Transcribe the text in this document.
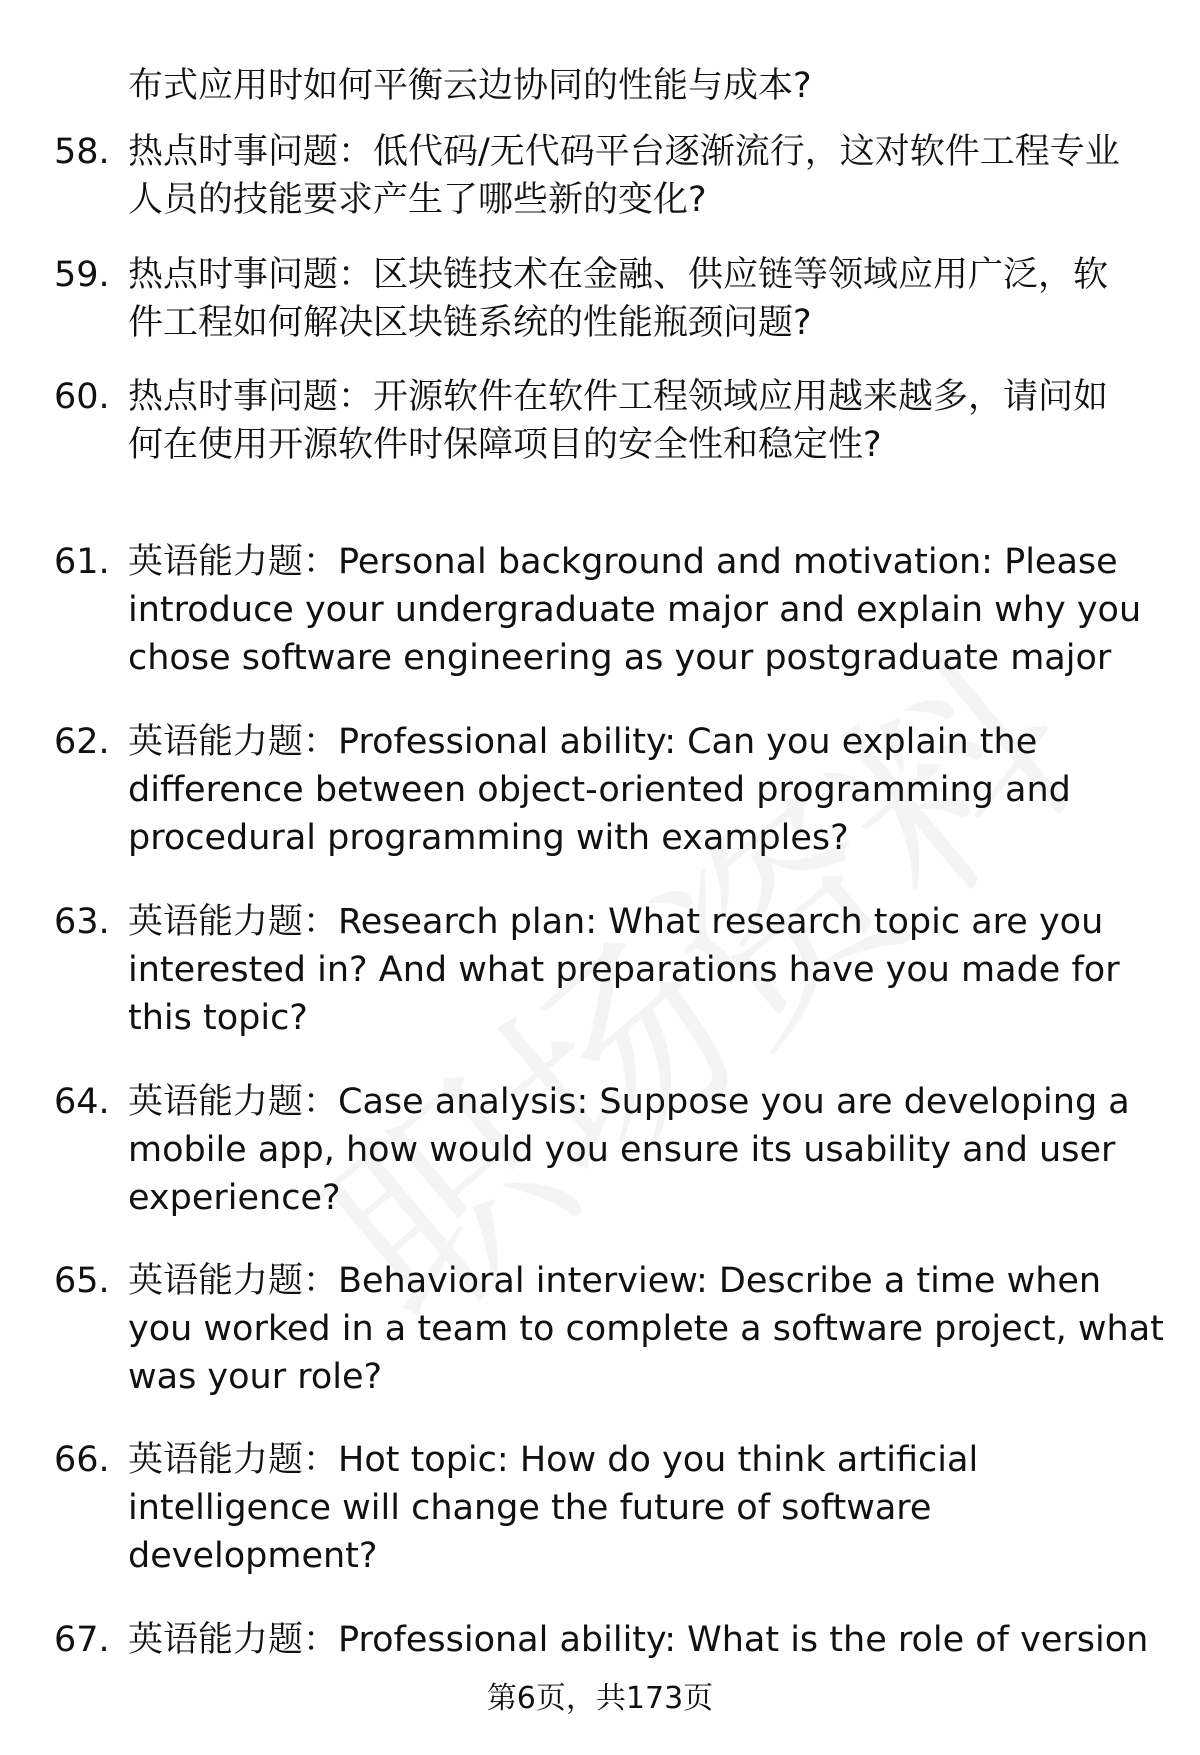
布式应用时如何平衡云边协同的性能与成本?
58. 热点时事问题：低代码/无代码平台逐渐流行，这对软件工程专业
人员的技能要求产生了哪些新的变化?
59. 热点时事问题：区块链技术在金融、供应链等领域应用广泛，软
件工程如何解决区块链系统的性能瓶颈问题?
60. 热点时事问题：开源软件在软件工程领域应用越来越多，请问如
何在使用开源软件时保障项目的安全性和稳定性?
61. 英语能力题：Personal background and motivation: Please
introduce your undergraduate major and explain why you
chose software engineering as your postgraduate major
62. 英语能力题：Professional ability: Can you explain the
difference between object-oriented programming and
procedural programming with examples?
63. 英语能力题：Research plan: What research topic are you
interested in? And what preparations have you made for
this topic?
64. 英语能力题：Case analysis: Suppose you are developing a
mobile app, how would you ensure its usability and user
experience?
65. 英语能力题：Behavioral interview: Describe a time when
you worked in a team to complete a software project, what
was your role?
66. 英语能力题：Hot topic: How do you think artificial
intelligence will change the future of software
development?
67. 英语能力题：Professional ability: What is the role of version
第6页，共173页
